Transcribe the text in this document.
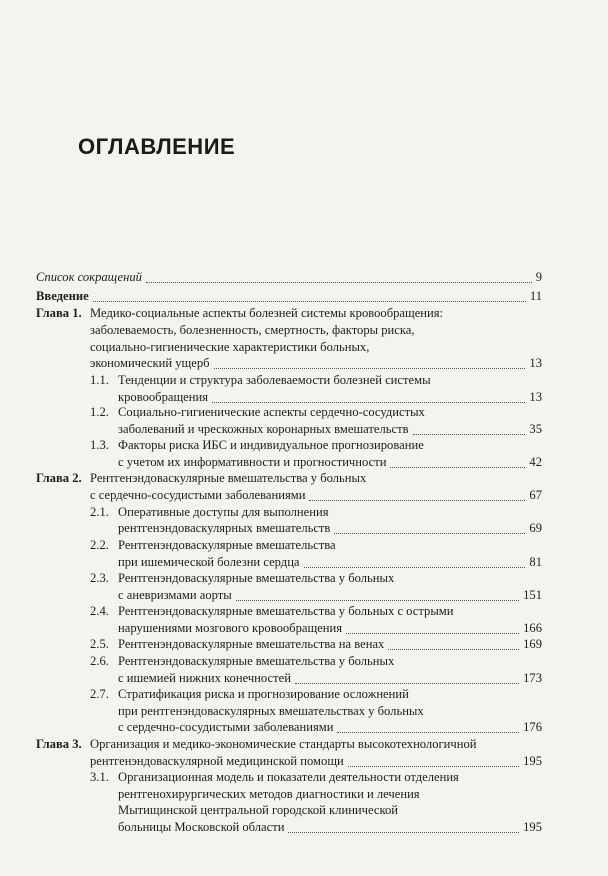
ОГЛАВЛЕНИЕ
Список сокращений	9
Введение	11
Глава 1. Медико-социальные аспекты болезней системы кровообращения:
заболеваемость, болезненность, смертность, факторы риска,
социально-гигиенические характеристики больных,
экономический ущерб	13
1.1. Тенденции и структура заболеваемости болезней системы
кровообращения	13
1.2. Социально-гигиенические аспекты сердечно-сосудистых
заболеваний и чрескожных коронарных вмешательств	35
1.3. Факторы риска ИБС и индивидуальное прогнозирование
с учетом их информативности и прогностичности	42
Глава 2. Рентгенэндоваскулярные вмешательства у больных
с сердечно-сосудистыми заболеваниями	67
2.1. Оперативные доступы для выполнения
рентгенэндоваскулярных вмешательств	69
2.2. Рентгенэндоваскулярные вмешательства
при ишемической болезни сердца	81
2.3. Рентгенэндоваскулярные вмешательства у больных
с аневризмами аорты	151
2.4. Рентгенэндоваскулярные вмешательства у больных с острыми
нарушениями мозгового кровообращения	166
2.5. Рентгенэндоваскулярные вмешательства на венах	169
2.6. Рентгенэндоваскулярные вмешательства у больных
с ишемией нижних конечностей	173
2.7. Стратификация риска и прогнозирование осложнений
при рентгенэндоваскулярных вмешательствах у больных
с сердечно-сосудистыми заболеваниями	176
Глава 3. Организация и медико-экономические стандарты высокотехнологичной
рентгенэндоваскулярной медицинской помощи	195
3.1. Организационная модель и показатели деятельности отделения
рентгенохирургических методов диагностики и лечения
Мытищинской центральной городской клинической
больницы Московской области	195
